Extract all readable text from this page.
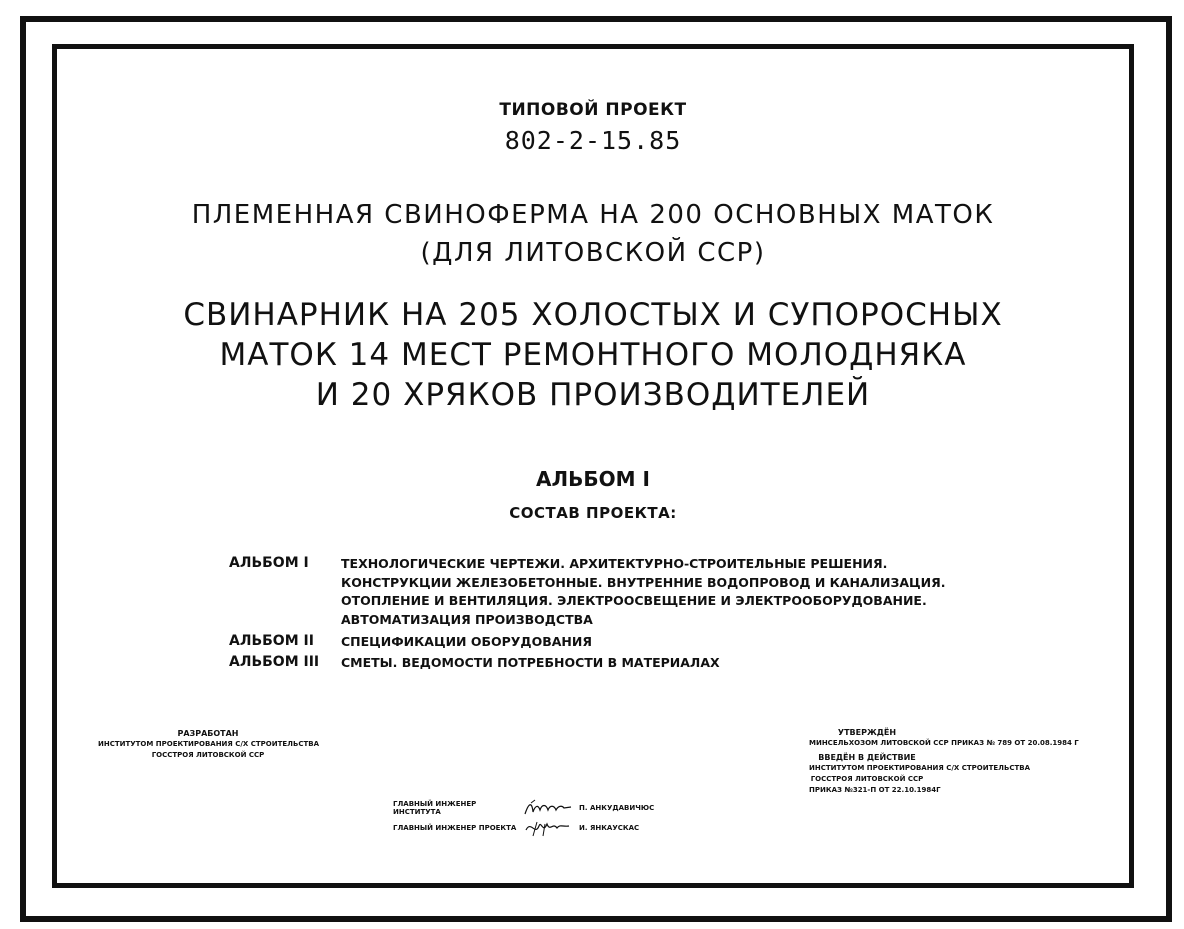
ТИПОВОЙ ПРОЕКТ
802-2-15.85
ПЛЕМЕННАЯ СВИНОФЕРМА НА 200 ОСНОВНЫХ МАТОК
(ДЛЯ ЛИТОВСКОЙ ССР)
СВИНАРНИК НА 205 ХОЛОСТЫХ И СУПОРОСНЫХ
МАТОК 14 МЕСТ РЕМОНТНОГО МОЛОДНЯКА
И 20 ХРЯКОВ ПРОИЗВОДИТЕЛЕЙ
АЛЬБОМ I
СОСТАВ ПРОЕКТА:
АЛЬБОМ I	ТЕХНОЛОГИЧЕСКИЕ ЧЕРТЕЖИ. АРХИТЕКТУРНО-СТРОИТЕЛЬНЫЕ РЕШЕНИЯ.
КОНСТРУКЦИИ ЖЕЛЕЗОБЕТОННЫЕ. ВНУТРЕННИЕ ВОДОПРОВОД И КАНАЛИЗАЦИЯ.
ОТОПЛЕНИЕ И ВЕНТИЛЯЦИЯ. ЭЛЕКТРООСВЕЩЕНИЕ И ЭЛЕКТРООБОРУДОВАНИЕ.
АВТОМАТИЗАЦИЯ ПРОИЗВОДСТВА
АЛЬБОМ II	СПЕЦИФИКАЦИИ ОБОРУДОВАНИЯ
АЛЬБОМ III	СМЕТЫ. ВЕДОМОСТИ ПОТРЕБНОСТИ В МАТЕРИАЛАХ
РАЗРАБОТАН
ИНСТИТУТОМ ПРОЕКТИРОВАНИЯ С/Х СТРОИТЕЛЬСТВА
ГОССТРОЯ ЛИТОВСКОЙ ССР
УТВЕРЖДЁН
МИНСЕЛЬХОЗОМ ЛИТОВСКОЙ ССР ПРИКАЗ № 789 ОТ 20.08.1984 Г
ВВЕДЁН В ДЕЙСТВИЕ
ИНСТИТУТОМ ПРОЕКТИРОВАНИЯ С/Х СТРОИТЕЛЬСТВА
ГОССТРОЯ ЛИТОВСКОЙ ССР
ПРИКАЗ №321-П ОТ 22.10.1984Г
ГЛАВНЫЙ ИНЖЕНЕР ИНСТИТУТА	П. АНКУДАВИЧЮС
ГЛАВНЫЙ ИНЖЕНЕР ПРОЕКТА	И. ЯНКАУСКАС
